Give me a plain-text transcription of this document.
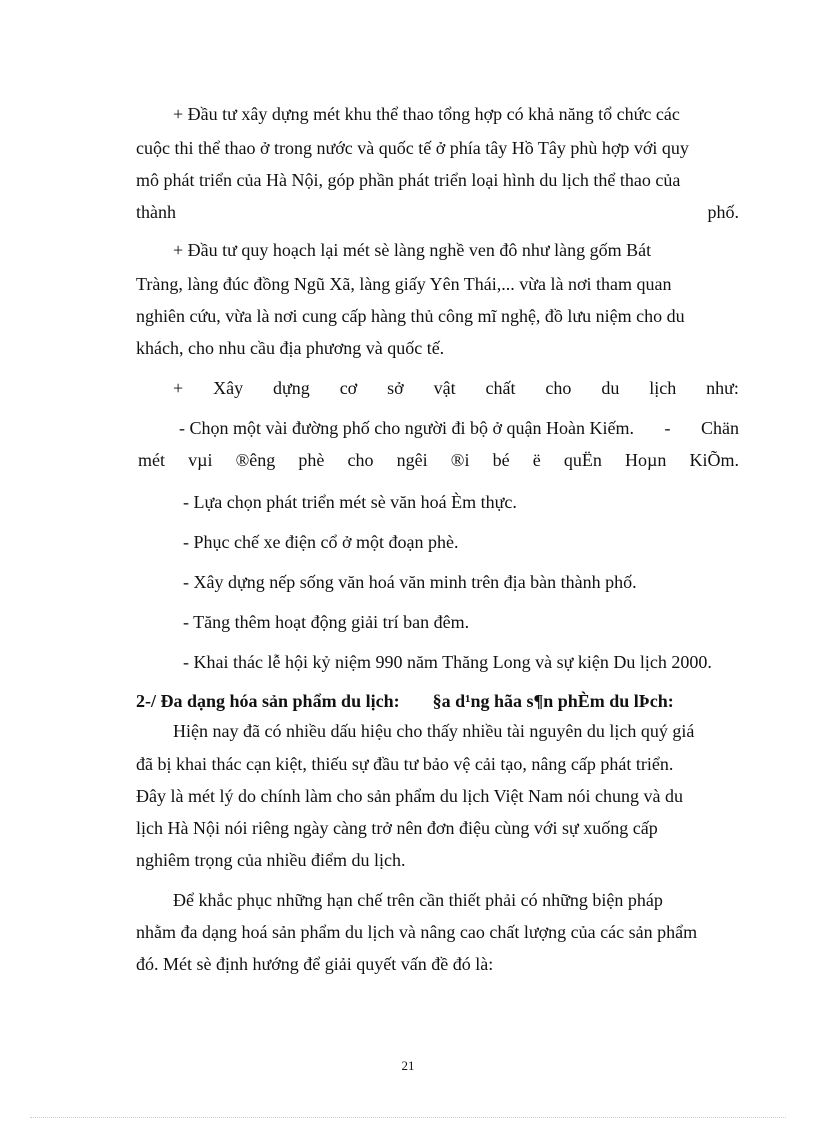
+ Đầu tư xây dựng mét khu thể thao tổng hợp có khả năng tổ chức các
cuộc thi thể thao ở trong nước và quốc tế ở phía tây Hồ Tây phù hợp với quy
mô phát triển của Hà Nội, góp phần phát triển loại hình du lịch thể thao của
thành	phố.
+ Đầu tư quy hoạch lại mét sè làng nghề ven đô như làng gốm Bát
Tràng, làng đúc đồng Ngũ Xã, làng giấy Yên Thái,... vừa là nơi tham quan
nghiên cứu, vừa là nơi cung cấp hàng thủ công mĩ nghệ, đồ lưu niệm cho du
khách, cho nhu cầu địa phương và quốc tế.
+ Xây dựng cơ sở vật chất cho du lịch như:
- Chọn một vài đường phố cho người đi bộ ở quận Hoàn Kiếm. - Chän
mét vµi ®êng phè cho ngêi ®i bé ë quËn Hoµn KiÕm.
- Lựa chọn phát triển mét sè văn hoá Èm thực.
- Phục chế xe điện cổ ở một đoạn phè.
- Xây dựng nếp sống văn hoá văn minh trên địa bàn thành phố.
- Tăng thêm hoạt động giải trí ban đêm.
- Khai thác lễ hội kỷ niệm 990 năm Thăng Long và sự kiện Du lịch 2000.
2-/ Đa dạng hóa sản phẩm du lịch: §a d¹ng hãa s¶n phÈm du lÞch:
Hiện nay đã có nhiều dấu hiệu cho thấy nhiều tài nguyên du lịch quý giá
đã bị khai thác cạn kiệt, thiếu sự đầu tư bảo vệ cải tạo, nâng cấp phát triển.
Đây là mét lý do chính làm cho sản phẩm du lịch Việt Nam nói chung và du
lịch Hà Nội nói riêng ngày càng trở nên đơn điệu cùng với sự xuống cấp
nghiêm trọng của nhiều điểm du lịch.
Để khắc phục những hạn chế trên cần thiết phải có những biện pháp
nhằm đa dạng hoá sản phẩm du lịch và nâng cao chất lượng của các sản phẩm
đó. Mét sè định hướng để giải quyết vấn đề đó là:
21
